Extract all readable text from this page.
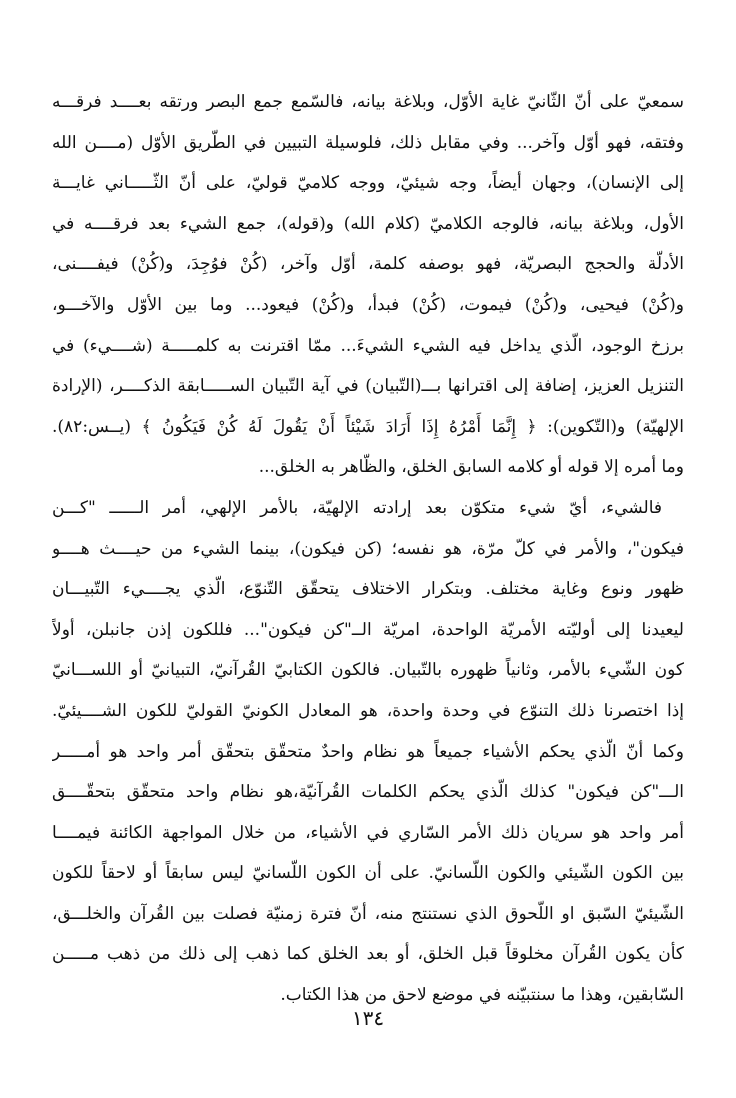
سمعيّ على أنّ الثّانيّ غاية الأوّل، وبلاغة بيانه، فالسّمع جمع البصر ورتقه بعــــد فرقـــه
وفتقه، فهو أوّل وآخر... وفي مقابل ذلك، فلوسيلة التبيين في الطّريق الأوّل (مــــن الله
إلى الإنسان)، وجهان أيضاً، وجه شيئيّ، ووجه كلاميّ قوليّ، على أنّ الثّـــــاني غايـــة
الأول، وبلاغة بيانه، فالوجه الكلاميّ (كلام الله) و(قوله)، جمع الشيء بعد فرقــــه في
الأدلّة والحجج البصريّة، فهو بوصفه كلمة، أوّل وآخر، (كُنْ فوُجِدَ، و(كُنْ) فيفــــنى،
و(كُنْ) فيحيى، و(كُنْ) فيموت، (كُنْ) فبدأ، و(كُنْ) فيعود... وما بين الأوّل والآخـــو،
برزخ الوجود، الّذي يداخل فيه الشيء الشيءَ... ممّا اقترنت به كلمـــــة (شــــيء) في
التنزيل العزيز، إضافة إلى اقترانها بـــ(التّبيان) في آية التّبيان الســـــابقة الذكــــر، (الإرادة
الإلهيّة) و(التّكوين): ﴿ إِنَّمَا أَمْرُهُ إِذَا أَرَادَ شَيْئاً أَنْ يَقُولَ لَهُ كُنْ فَيَكُونُ ﴾ (يــس:٨٢).
وما أمره إلا قوله أو كلامه السابق الخلق، والظّاهر به الخلق...
فالشيء، أيّ شيء متكوّن بعد إرادته الإلهيّة، بالأمر الإلهي، أمر الــــــ "كـــن
فيكون"، والأمر في كلّ مرّة، هو نفسه؛ (كن فيكون)، بينما الشيء من حيــــث هــــو
ظهور ونوع وغاية مختلف. وبتكرار الاختلاف يتحقّق التّنوّع، الّذي يجــــيء التّبيـــان
ليعيدنا إلى أوليّته الأمريّة الواحدة، امريّة الــ"كن فيكون"... فللكون إذن جانبلن، أولاً
كون الشّيء بالأمر، وثانياً ظهوره بالتّبيان. فالكون الكتابيّ القُرآنيّ، التبيانيّ أو اللســـانيّ
إذا اختصرنا ذلك التنوّع في وحدة واحدة، هو المعادل الكونيّ القوليّ للكون الشــــيئيّ.
وكما أنّ الّذي يحكم الأشياء جميعاً هو نظام واحدٌ متحقّق بتحقّق أمر واحد هو أمـــــر
الـــ"كن فيكون" كذلك الّذي يحكم الكلمات القُرآنيّة،هو نظام واحد متحقّق بتحقّــــق
أمر واحد هو سريان ذلك الأمر السّاري في الأشياء، من خلال المواجهة الكائنة فيمــــا
بين الكون الشّيئي والكون اللّسانيّ. على أن الكون اللّسانيّ ليس سابقاً أو لاحقاً للكون
الشّيئيّ السّبق او اللّحوق الذي نستنتج منه، أنّ فترة زمنيّة فصلت بين القُرآن والخلـــق،
كأن يكون القُرآن مخلوقاً قبل الخلق، أو بعد الخلق كما ذهب إلى ذلك من ذهب مـــــن
السّابقين، وهذا ما سنتبيّنه في موضع لاحق من هذا الكتاب.
١٣٤
